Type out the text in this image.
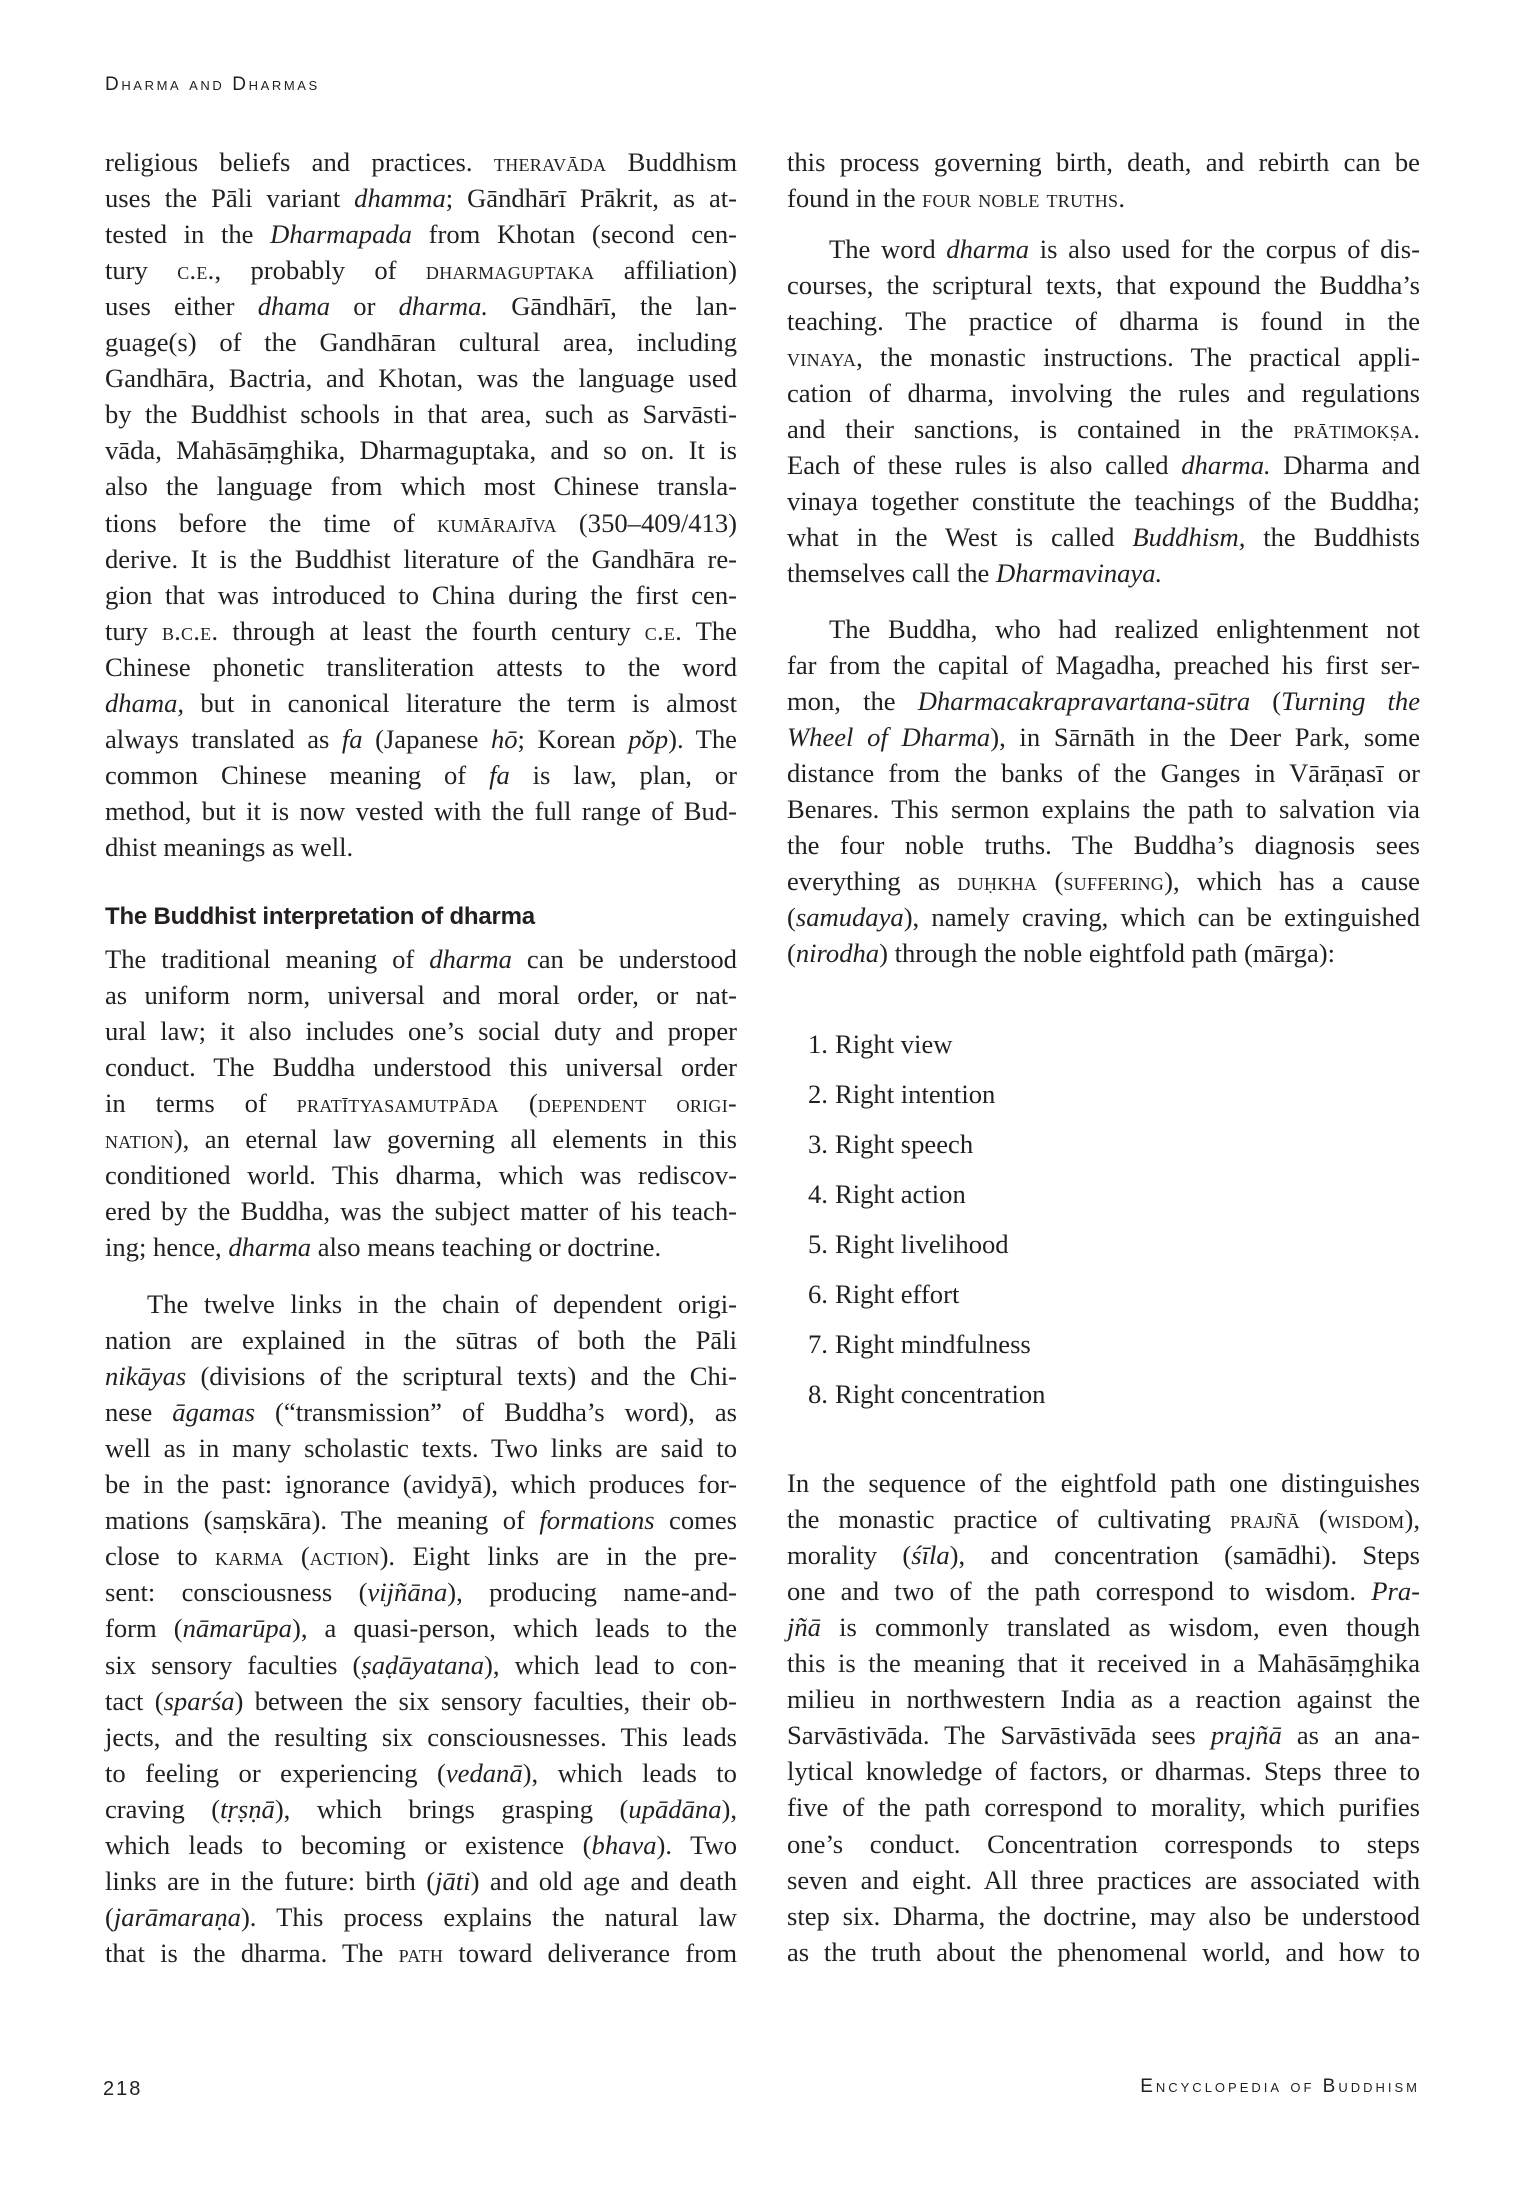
Dharma and Dharmas
religious beliefs and practices. theravāda Buddhism
uses the Pāli variant dhamma; Gāndhārī Prākrit, as at-
tested in the Dharmapada from Khotan (second cen-
tury c.e., probably of dharmaguptaka affiliation)
uses either dhama or dharma. Gāndhārī, the lan-
guage(s) of the Gandhāran cultural area, including
Gandhāra, Bactria, and Khotan, was the language used
by the Buddhist schools in that area, such as Sarvāsti-
vāda, Mahāsāṃghika, Dharmaguptaka, and so on. It is
also the language from which most Chinese transla-
tions before the time of kumārajīva (350–409/413)
derive. It is the Buddhist literature of the Gandhāra re-
gion that was introduced to China during the first cen-
tury b.c.e. through at least the fourth century c.e. The
Chinese phonetic transliteration attests to the word
dhama, but in canonical literature the term is almost
always translated as fa (Japanese hō; Korean pŏp). The
common Chinese meaning of fa is law, plan, or
method, but it is now vested with the full range of Bud-
dhist meanings as well.
The Buddhist interpretation of dharma
The traditional meaning of dharma can be understood
as uniform norm, universal and moral order, or nat-
ural law; it also includes one’s social duty and proper
conduct. The Buddha understood this universal order
in terms of pratītyasamutpāda (dependent origi-
nation), an eternal law governing all elements in this
conditioned world. This dharma, which was rediscov-
ered by the Buddha, was the subject matter of his teach-
ing; hence, dharma also means teaching or doctrine.
The twelve links in the chain of dependent origi-
nation are explained in the sūtras of both the Pāli
nikāyas (divisions of the scriptural texts) and the Chi-
nese āgamas (“transmission” of Buddha’s word), as
well as in many scholastic texts. Two links are said to
be in the past: ignorance (avidyā), which produces for-
mations (saṃskāra). The meaning of formations comes
close to karma (action). Eight links are in the pre-
sent: consciousness (vijñāna), producing name-and-
form (nāmarūpa), a quasi-person, which leads to the
six sensory faculties (ṣaḍāyatana), which lead to con-
tact (sparśa) between the six sensory faculties, their ob-
jects, and the resulting six consciousnesses. This leads
to feeling or experiencing (vedanā), which leads to
craving (tṛṣṇā), which brings grasping (upādāna),
which leads to becoming or existence (bhava). Two
links are in the future: birth (jāti) and old age and death
(jarāmaraṇa). This process explains the natural law
that is the dharma. The path toward deliverance from
this process governing birth, death, and rebirth can be
found in the four noble truths.
The word dharma is also used for the corpus of dis-
courses, the scriptural texts, that expound the Buddha’s
teaching. The practice of dharma is found in the
vinaya, the monastic instructions. The practical appli-
cation of dharma, involving the rules and regulations
and their sanctions, is contained in the prātimokṣa.
Each of these rules is also called dharma. Dharma and
vinaya together constitute the teachings of the Buddha;
what in the West is called Buddhism, the Buddhists
themselves call the Dharmavinaya.
The Buddha, who had realized enlightenment not
far from the capital of Magadha, preached his first ser-
mon, the Dharmacakrapravartana-sūtra (Turning the
Wheel of Dharma), in Sārnāth in the Deer Park, some
distance from the banks of the Ganges in Vārāṇasī or
Benares. This sermon explains the path to salvation via
the four noble truths. The Buddha’s diagnosis sees
everything as duḥkha (suffering), which has a cause
(samudaya), namely craving, which can be extinguished
(nirodha) through the noble eightfold path (mārga):
1. Right view
2. Right intention
3. Right speech
4. Right action
5. Right livelihood
6. Right effort
7. Right mindfulness
8. Right concentration
In the sequence of the eightfold path one distinguishes
the monastic practice of cultivating prajñā (wisdom),
morality (śīla), and concentration (samādhi). Steps
one and two of the path correspond to wisdom. Pra-
jñā is commonly translated as wisdom, even though
this is the meaning that it received in a Mahāsāṃghika
milieu in northwestern India as a reaction against the
Sarvāstivāda. The Sarvāstivāda sees prajñā as an ana-
lytical knowledge of factors, or dharmas. Steps three to
five of the path correspond to morality, which purifies
one’s conduct. Concentration corresponds to steps
seven and eight. All three practices are associated with
step six. Dharma, the doctrine, may also be understood
as the truth about the phenomenal world, and how to
218	Encyclopedia of Buddhism
